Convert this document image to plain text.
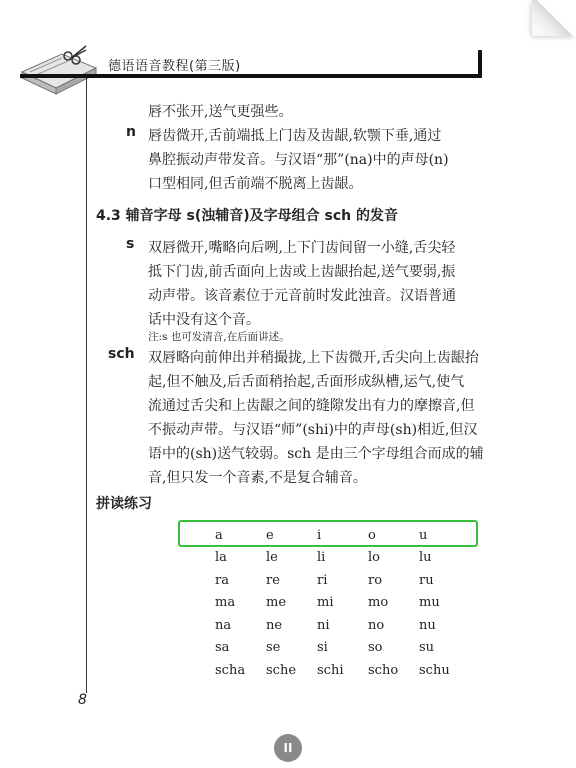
德语语音教程(第三版)
唇不张开,送气更强些。
n 唇齿微开,舌前端抵上门齿及齿龈,软颚下垂,通过
鼻腔振动声带发音。与汉语“那”(na)中的声母(n)
口型相同,但舌前端不脱离上齿龈。
4.3 辅音字母 s(浊辅音)及字母组合 sch 的发音
s 双唇微开,嘴略向后咧,上下门齿间留一小缝,舌尖轻
抵下门齿,前舌面向上齿或上齿龈抬起,送气要弱,振
动声带。该音素位于元音前时发此浊音。汉语普通
话中没有这个音。
注:s 也可发清音,在后面讲述。
sch 双唇略向前伸出并稍撮拢,上下齿微开,舌尖向上齿龈抬
起,但不触及,后舌面稍抬起,舌面形成纵槽,运气,使气
流通过舌尖和上齿龈之间的缝隙发出有力的摩擦音,但
不振动声带。与汉语“师”(shi)中的声母(sh)相近,但汉
语中的(sh)送气较弱。sch 是由三个字母组合而成的辅
音,但只发一个音素,不是复合辅音。
拼读练习
a	e	i	o	u
la	le	li	lo	lu
ra	re	ri	ro	ru
ma	me	mi	mo	mu
na	ne	ni	no	nu
sa	se	si	so	su
scha	sche	schi	scho	schu
8
II
